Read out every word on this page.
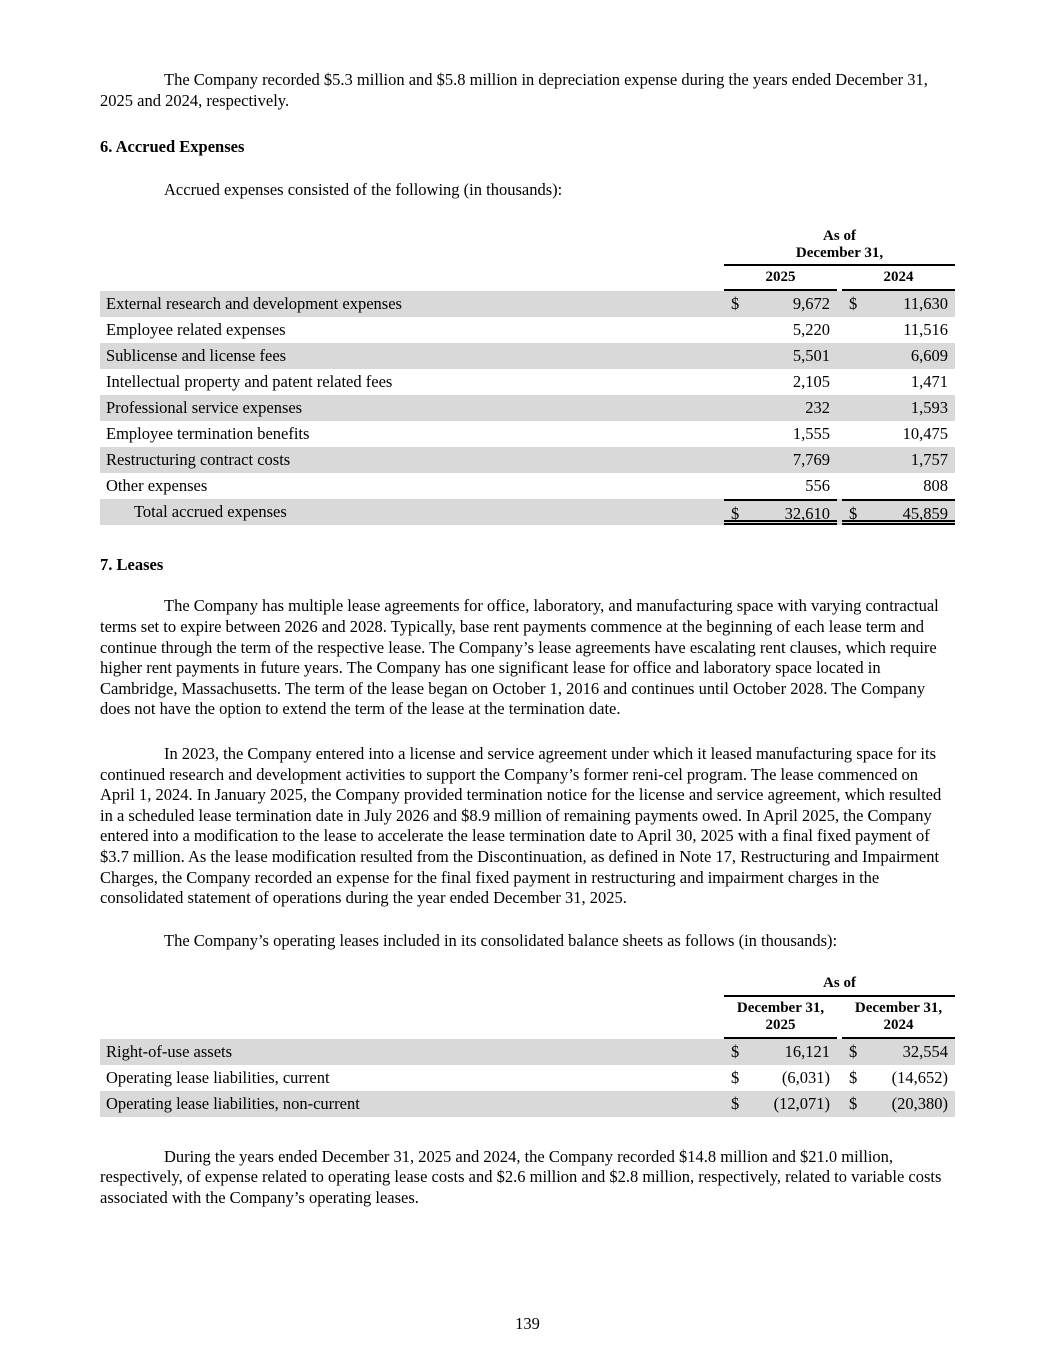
The Company recorded $5.3 million and $5.8 million in depreciation expense during the years ended December 31, 2025 and 2024, respectively.

6. Accrued Expenses

Accrued expenses consisted of the following (in thousands):

As of
December 31,
2025	2024
External research and development expenses	$	9,672	$	11,630
Employee related expenses	5,220	11,516
Sublicense and license fees	5,501	6,609
Intellectual property and patent related fees	2,105	1,471
Professional service expenses	232	1,593
Employee termination benefits	1,555	10,475
Restructuring contract costs	7,769	1,757
Other expenses	556	808
Total accrued expenses	$	32,610	$	45,859

7. Leases

The Company has multiple lease agreements for office, laboratory, and manufacturing space with varying contractual terms set to expire between 2026 and 2028. Typically, base rent payments commence at the beginning of each lease term and continue through the term of the respective lease. The Company’s lease agreements have escalating rent clauses, which require higher rent payments in future years. The Company has one significant lease for office and laboratory space located in Cambridge, Massachusetts. The term of the lease began on October 1, 2016 and continues until October 2028. The Company does not have the option to extend the term of the lease at the termination date.

In 2023, the Company entered into a license and service agreement under which it leased manufacturing space for its continued research and development activities to support the Company’s former reni-cel program. The lease commenced on April 1, 2024. In January 2025, the Company provided termination notice for the license and service agreement, which resulted in a scheduled lease termination date in July 2026 and $8.9 million of remaining payments owed. In April 2025, the Company entered into a modification to the lease to accelerate the lease termination date to April 30, 2025 with a final fixed payment of $3.7 million. As the lease modification resulted from the Discontinuation, as defined in Note 17, Restructuring and Impairment Charges, the Company recorded an expense for the final fixed payment in restructuring and impairment charges in the consolidated statement of operations during the year ended December 31, 2025.

The Company’s operating leases included in its consolidated balance sheets as follows (in thousands):

As of
December 31,
2025
December 31,
2024
Right-of-use assets	$	16,121	$	32,554
Operating lease liabilities, current	$	(6,031)	$	(14,652)
Operating lease liabilities, non-current	$	(12,071)	$	(20,380)

During the years ended December 31, 2025 and 2024, the Company recorded $14.8 million and $21.0 million, respectively, of expense related to operating lease costs and $2.6 million and $2.8 million, respectively, related to variable costs associated with the Company’s operating leases.

139
